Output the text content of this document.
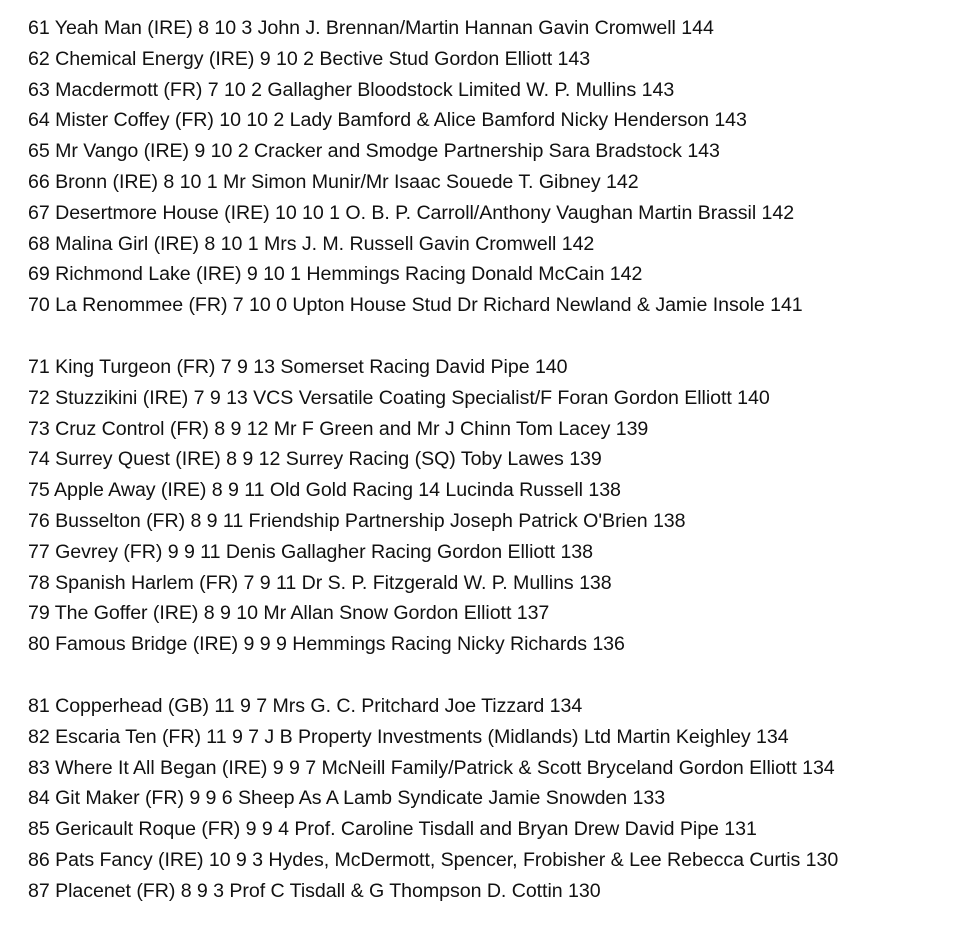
61 Yeah Man (IRE) 8 10 3 John J. Brennan/Martin Hannan Gavin Cromwell 144
62 Chemical Energy (IRE) 9 10 2 Bective Stud Gordon Elliott 143
63 Macdermott (FR) 7 10 2 Gallagher Bloodstock Limited W. P. Mullins 143
64 Mister Coffey (FR) 10 10 2 Lady Bamford & Alice Bamford Nicky Henderson 143
65 Mr Vango (IRE) 9 10 2 Cracker and Smodge Partnership Sara Bradstock 143
66 Bronn (IRE) 8 10 1 Mr Simon Munir/Mr Isaac Souede T. Gibney 142
67 Desertmore House (IRE) 10 10 1 O. B. P. Carroll/Anthony Vaughan Martin Brassil 142
68 Malina Girl (IRE) 8 10 1 Mrs J. M. Russell Gavin Cromwell 142
69 Richmond Lake (IRE) 9 10 1 Hemmings Racing Donald McCain 142
70 La Renommee (FR) 7 10 0 Upton House Stud Dr Richard Newland & Jamie Insole 141
71 King Turgeon (FR) 7 9 13 Somerset Racing David Pipe 140
72 Stuzzikini (IRE) 7 9 13 VCS Versatile Coating Specialist/F Foran Gordon Elliott 140
73 Cruz Control (FR) 8 9 12 Mr F Green and Mr J Chinn Tom Lacey 139
74 Surrey Quest (IRE) 8 9 12 Surrey Racing (SQ) Toby Lawes 139
75 Apple Away (IRE) 8 9 11 Old Gold Racing 14 Lucinda Russell 138
76 Busselton (FR) 8 9 11 Friendship Partnership Joseph Patrick O'Brien 138
77 Gevrey (FR) 9 9 11 Denis Gallagher Racing Gordon Elliott 138
78 Spanish Harlem (FR) 7 9 11 Dr S. P. Fitzgerald W. P. Mullins 138
79 The Goffer (IRE) 8 9 10 Mr Allan Snow Gordon Elliott 137
80 Famous Bridge (IRE) 9 9 9 Hemmings Racing Nicky Richards 136
81 Copperhead (GB) 11 9 7 Mrs G. C. Pritchard Joe Tizzard 134
82 Escaria Ten (FR) 11 9 7 J B Property Investments (Midlands) Ltd Martin Keighley 134
83 Where It All Began (IRE) 9 9 7 McNeill Family/Patrick & Scott Bryceland Gordon Elliott 134
84 Git Maker (FR) 9 9 6 Sheep As A Lamb Syndicate Jamie Snowden 133
85 Gericault Roque (FR) 9 9 4 Prof. Caroline Tisdall and Bryan Drew David Pipe 131
86 Pats Fancy (IRE) 10 9 3 Hydes, McDermott, Spencer, Frobisher & Lee Rebecca Curtis 130
87 Placenet (FR) 8 9 3 Prof C Tisdall & G Thompson D. Cottin 130
